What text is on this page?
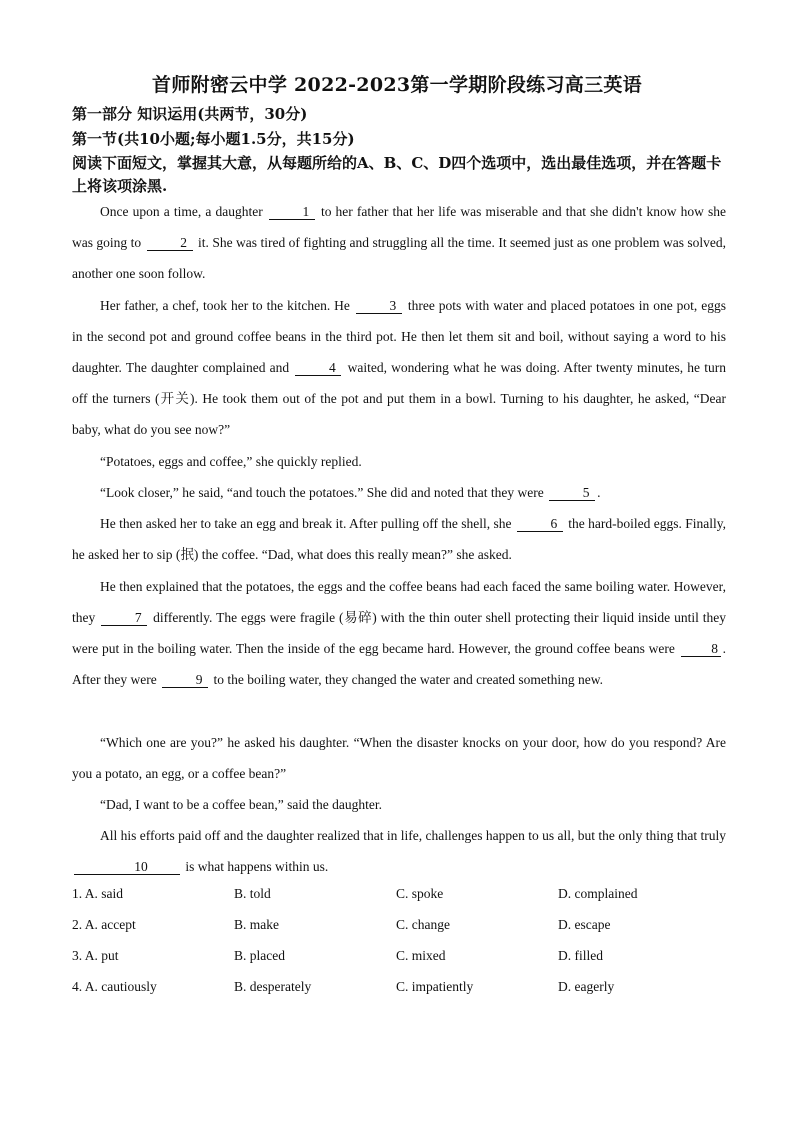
首师附密云中学 2022-2023第一学期阶段练习高三英语
第一部分 知识运用(共两节，30分)
第一节(共10小题;每小题1.5分，共15分)
阅读下面短文，掌握其大意，从每题所给的A、B、C、D四个选项中，选出最佳选项，并在答题卡上将该项涂黑.
Once upon a time, a daughter	1 to her father that her life was miserable and that she didn't know how she was going to	2 it. She was tired of fighting and struggling all the time. It seemed just as one problem was solved, another one soon follow.
Her father, a chef, took her to the kitchen. He	3 three pots with water and placed potatoes in one pot, eggs in the second pot and ground coffee beans in the third pot. He then let them sit and boil, without saying a word to his daughter. The daughter complained and	4 waited, wondering what he was doing. After twenty minutes, he turn off the turners (开关). He took them out of the pot and put them in a bowl. Turning to his daughter, he asked, “Dear baby, what do you see now?”
“Potatoes, eggs and coffee,” she quickly replied.
“Look closer,” he said, “and touch the potatoes.” She did and noted that they were	5 .
He then asked her to take an egg and break it. After pulling off the shell, she	6 the hard-boiled eggs. Finally, he asked her to sip (抿) the coffee. “Dad, what does this really mean?” she asked.
He then explained that the potatoes, the eggs and the coffee beans had each faced the same boiling water. However, they	7 differently. The eggs were fragile (易碎) with the thin outer shell protecting their liquid inside until they were put in the boiling water. Then the inside of the egg became hard. However, the ground coffee beans were	8 . After they were	9 to the boiling water, they changed the water and created something new.
“Which one are you?” he asked his daughter. “When the disaster knocks on your door, how do you respond? Are you a potato, an egg, or a coffee bean?”
“Dad, I want to be a coffee bean,” said the daughter.
All his efforts paid off and the daughter realized that in life, challenges happen to us all, but the only thing that truly 10	is what happens within us.
1. A. said	B. told	C. spoke	D. complained
2. A. accept	B. make	C. change	D. escape
3. A. put	B. placed	C. mixed	D. filled
4. A. cautiously	B. desperately	C. impatiently	D. eagerly
